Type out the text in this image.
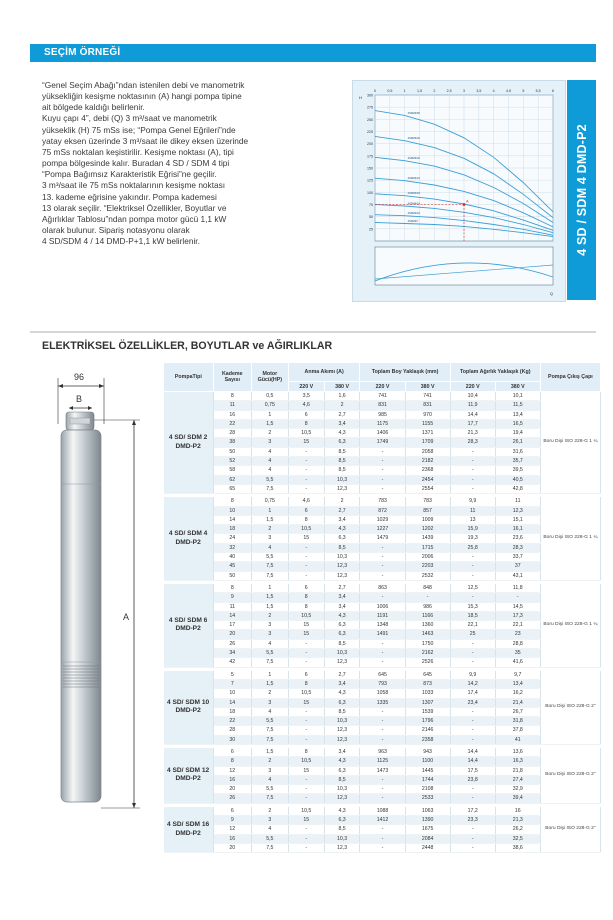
SEÇİM ÖRNEĞİ

“Genel Seçim Abağı”ndan istenilen debi ve manometrik

yüksekliğin kesişme noktasının (A) hangi pompa tipine

ait bölgede kaldığı belirlenir.

Kuyu çapı 4”, debi (Q) 3 m³/saat ve manometrik

yükseklik (H) 75 mSs ise; “Pompa Genel Eğrileri”nde

yatay eksen üzerinde 3 m³/saat ile dikey eksen üzerinde

75 mSs noktalan keşistirilir. Kesişme noktası (A), tipi

pompa bölgesinde kalır. Buradan 4 SD / SDM 4 tipi

“Pompa Bağımsız Karakteristik Eğrisi”ne geçilir.

3 m³/saat ile 75 mSs noktalarının kesişme noktası

13. kademe eğrisine yakındır. Pompa kademesi

13 olarak seçilir. “Elektriksel Özellikler, Boyutlar ve

Ağırlıklar Tablosu”ndan pompa motor gücü 1,1 kW

olarak bulunur. Sipariş notasyonu olarak

4 SD/SDM 4 / 14 DMD-P+1,1 kW belirlenir.

300
275
250
225
200
175
150
125
100
75
50
25
0	0,5	1	1,5	2	2,5	3	3,5	4	4,5	5	5,5	6
4SDM4/50
4SDM4/40
4SDM4/32
4SDM4/24
4SDM4/18
4SDM4/14
4SDM4/10
4SDM4/7
A
Q
H
4 SD / SDM 4 DMD-P2
ELEKTRİKSEL ÖZELLİKLER, BOYUTLAR ve AĞIRLIKLAR
96
B
A
PompaTipi	Kademe Sayısı	Motor Gücü(HP)	Anma Akımı (A)		Toplam Boy Yaklaşık (mm)		Toplam Ağırlık Yaklaşık (Kg)		Pompa Çıkış Çapı
			220 V	380 V	220 V	380 V	220 V	380 V	
4 SD/ SDM 2 DMD-P2	8	0,5	3,5	1,6	741	741	10,4	10,1	Boru Dişi ISO 228-G 1 ¼
	11	0,75	4,6	2	831	831	11,9	11,5	
	16	1	6	2,7	985	970	14,4	13,4	
	22	1,5	8	3,4	1175	1155	17,7	16,5	
	28	2	10,5	4,3	1406	1371	21,3	19,4	
	38	3	15	6,3	1749	1709	28,3	26,1	
	50	4	-	8,5	-	2058	-	31,6	
	52	4	-	8,5	-	2182	-	35,7	
	58	4	-	8,5	-	2368	-	39,5	
	62	5,5	-	10,3	-	2454	-	40,5	
	65	7,5	-	12,3	-	2554	-	42,8	

4 SD/ SDM 4 DMD-P2	8	0,75	4,6	2	783	783	9,9	11	Boru Dişi ISO 228-G 1 ¼
	10	1	6	2,7	872	857	11	12,3	
	14	1,5	8	3,4	1029	1009	13	15,1	
	18	2	10,5	4,3	1227	1202	15,9	16,1	
	24	3	15	6,3	1479	1439	19,3	23,6	
	32	4	-	8,5	-	1715	25,8	28,3	
	40	5,5	-	10,3	-	2006	-	33,7	
	45	7,5	-	12,3	-	2203	-	37	
	50	7,5	-	12,3	-	2532	-	43,1	

4 SD/ SDM 6 DMD-P2	8	1	6	2,7	863	848	12,5	11,8	Boru Dişi ISO 228-G 1 ¼
	9	1,5	8	3,4	-	-	-	-	
	11	1,5	8	3,4	1006	986	15,3	14,5	
	14	2	10,5	4,3	1191	1166	18,5	17,3	
	17	3	15	6,3	1348	1360	22,1	22,1	
	20	3	15	6,3	1491	1463	25	23	
	26	4	-	8,5	-	1750	-	28,8	
	34	5,5	-	10,3	-	2162	-	35	
	42	7,5	-	12,3	-	2526	-	41,6	

4 SD/ SDM 10 DMD-P2	5	1	6	2,7	645	645	9,9	9,7	Boru Dişi ISO 228-G 2”
	7	1,5	8	3,4	793	873	14,2	13,4	
	10	2	10,5	4,3	1058	1033	17,4	16,2	
	14	3	15	6,3	1335	1307	23,4	21,4	
	18	4	-	8,5	-	1539	-	26,7	
	22	5,5	-	10,3	-	1796	-	31,8	
	28	7,5	-	12,3	-	2146	-	37,8	
	30	7,5	-	12,3	-	2358	-	41	

4 SD/ SDM 12 DMD-P2	6	1,5	8	3,4	963	943	14,4	13,6	Boru Dişi ISO 228-G 2”
	8	2	10,5	4,3	1125	1100	14,4	16,3	
	12	3	15	6,3	1473	1445	17,5	21,8	
	16	4	-	8,5	-	1744	23,8	27,4	
	20	5,5	-	10,3	-	2108	-	32,9	
	26	7,5	-	12,3	-	2533	-	39,4	

4 SD/ SDM 16 DMD-P2	6	2	10,5	4,3	1088	1063	17,2	16	Boru Dişi ISO 228-G 2”
	9	3	15	6,3	1412	1390	23,3	21,3	
	12	4	-	8,5	-	1675	-	26,2	
	16	5,5	-	10,3	-	2084	-	32,5	
	20	7,5	-	12,3	-	2448	-	38,6	
